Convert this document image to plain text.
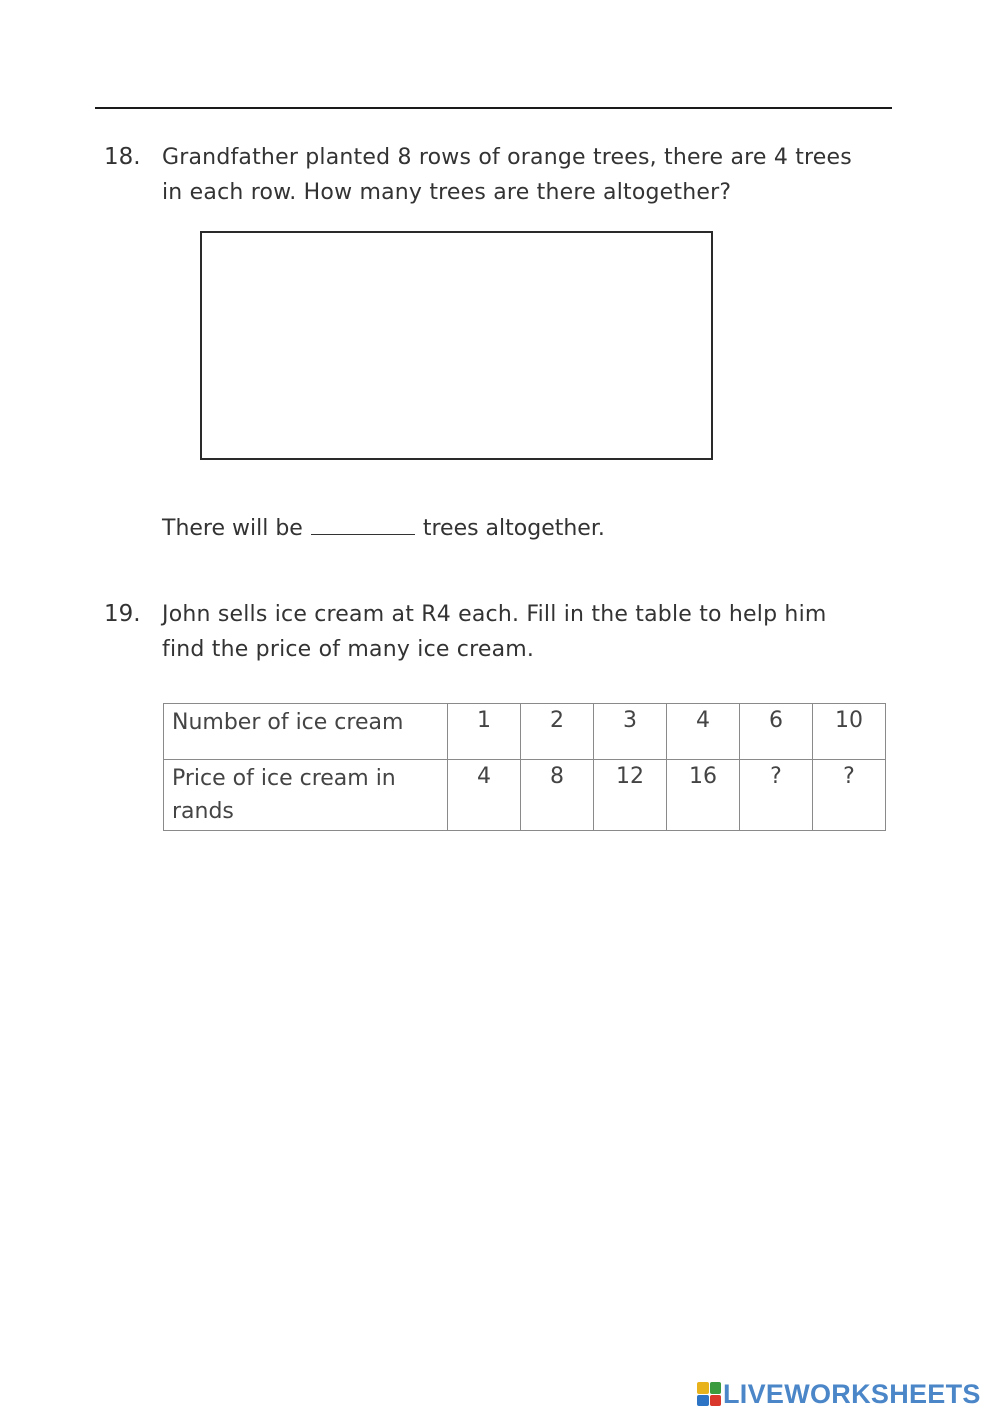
18. Grandfather planted 8 rows of orange trees, there are 4 trees
in each row. How many trees are there altogether?
There will be	trees altogether.
19. John sells ice cream at R4 each. Fill in the table to help him
find the price of many ice cream.
Number of ice cream	1	2	3	4	6	10
Price of ice cream in rands	4	8	12	16	?	?
LIVEWORKSHEETS
